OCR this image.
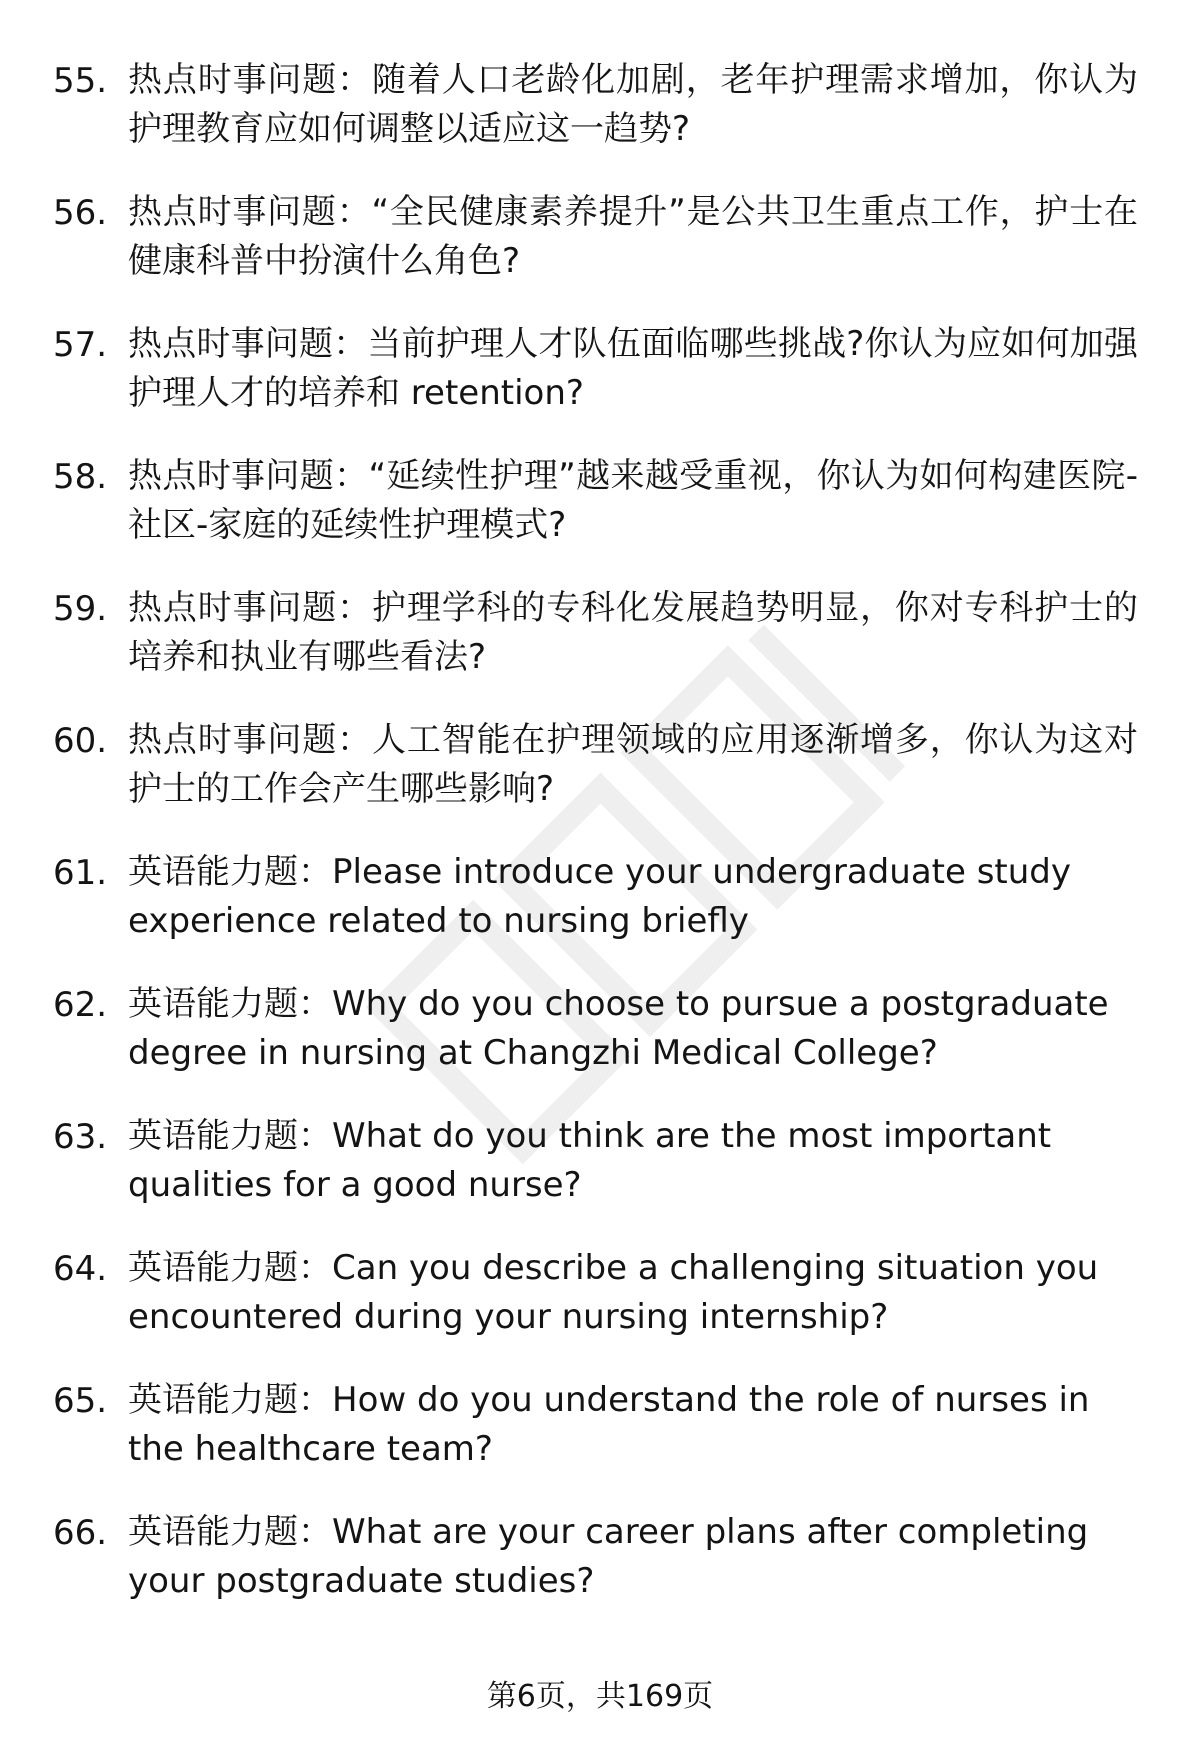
55. 热点时事问题：随着人口老龄化加剧，老年护理需求增加，你认为护理教育应如何调整以适应这一趋势?
56. 热点时事问题：“全民健康素养提升”是公共卫生重点工作，护士在健康科普中扮演什么角色?
57. 热点时事问题：当前护理人才队伍面临哪些挑战?你认为应如何加强护理人才的培养和 retention?
58. 热点时事问题：“延续性护理”越来越受重视，你认为如何构建医院-社区-家庭的延续性护理模式?
59. 热点时事问题：护理学科的专科化发展趋势明显，你对专科护士的培养和执业有哪些看法?
60. 热点时事问题：人工智能在护理领域的应用逐渐增多，你认为这对护士的工作会产生哪些影响?
61. 英语能力题：Please introduce your undergraduate study experience related to nursing briefly
62. 英语能力题：Why do you choose to pursue a postgraduate degree in nursing at Changzhi Medical College?
63. 英语能力题：What do you think are the most important qualities for a good nurse?
64. 英语能力题：Can you describe a challenging situation you encountered during your nursing internship?
65. 英语能力题：How do you understand the role of nurses in the healthcare team?
66. 英语能力题：What are your career plans after completing your postgraduate studies?
第6页，共169页
